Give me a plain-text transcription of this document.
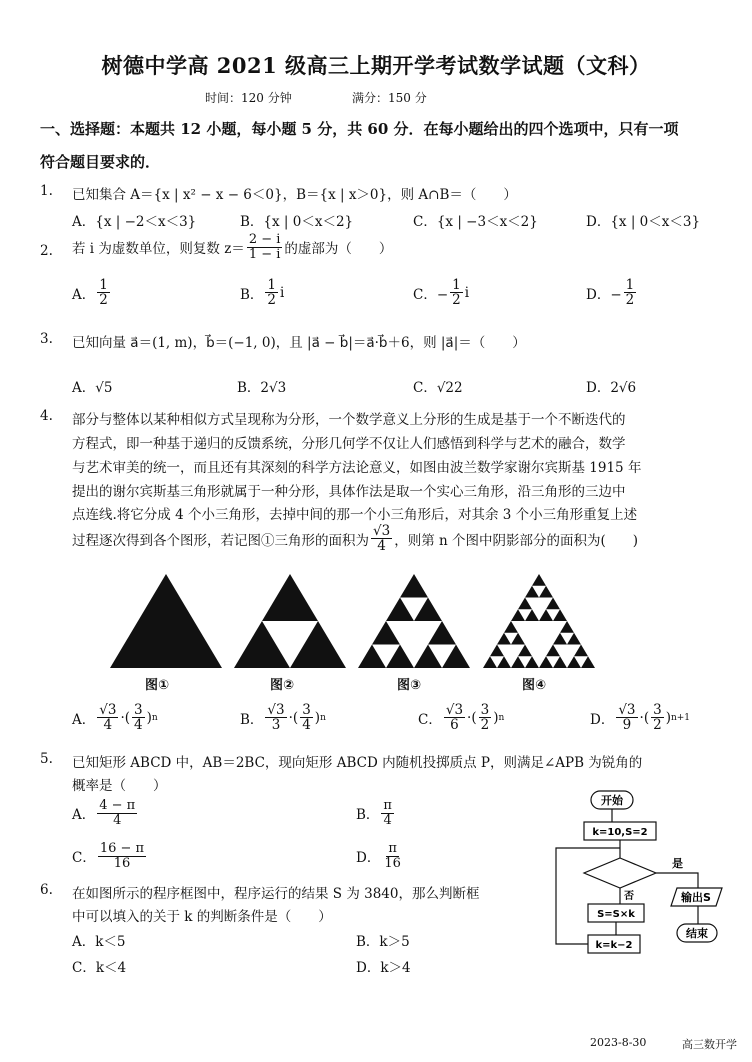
树德中学高 2021 级高三上期开学考试数学试题（文科）
时间：120 分钟	满分：150 分
一、选择题：本题共 12 小题，每小题 5 分，共 60 分．在每小题给出的四个选项中，只有一项
符合题目要求的．
1. 已知集合 A＝{x | x² − x − 6＜0}，B＝{x | x＞0}，则 A∩B＝（　　）
A．{x | −2＜x＜3}	B．{x | 0＜x＜2}	C．{x | −3＜x＜2}	D．{x | 0＜x＜3}
2. 若 i 为虚数单位，则复数 $z= \frac{2 - i}{1 - i}$ 的虚部为（　　）
A． $\frac{1}{2}$	B． $\frac{1}{2}$ i	C．− $\frac{1}{2}$ i	D．− $\frac{1}{2}$
3. 已知向量 a⃗＝(1, m)，b⃗＝(−1, 0)，且 |a⃗ − b⃗|＝a⃗·b⃗＋6，则 |a⃗|＝（　　）
A．√5	B．2√3	C．√22	D．2√6
4. 部分与整体以某种相似方式呈现称为分形，一个数学意义上分形的生成是基于一个不断迭代的
方程式，即一种基于递归的反馈系统，分形几何学不仅让人们感悟到科学与艺术的融合，数学
与艺术审美的统一，而且还有其深刻的科学方法论意义，如图由波兰数学家谢尔宾斯基 1915 年
提出的谢尔宾斯基三角形就属于一种分形，具体作法是取一个实心三角形，沿三角形的三边中
点连线.将它分成 4 个小三角形，去掉中间的那一个小三角形后，对其余 3 个小三角形重复上述
过程逐次得到各个图形，若记图①三角形的面积为 $\frac{√3}{4}$ ，则第 n 个图中阴影部分的面积为(　　)
图①	图②	图③	图④
A． $\frac{√3}{4}$ ·( $\frac{3}{4}$ ) n	B． $\frac{√3}{3}$ ·( $\frac{3}{4}$ ) n	C． $\frac{√3}{6}$ ·( $\frac{3}{2}$ ) n	D． $\frac{√3}{9}$ ·( $\frac{3}{2}$ ) n+1
5. 已知矩形 ABCD 中，AB＝2BC，现向矩形 ABCD 内随机投掷质点 P，则满足∠APB 为锐角的
概率是（　　）
A． $\frac{4 - \pi}{4}$	B． $\frac{\pi}{4}$
C． $\frac{16 - \pi}{16}$	D． $\frac{\pi}{16}$
6. 在如图所示的程序框图中，程序运行的结果 S 为 3840，那么判断框
中可以填入的关于 k 的判断条件是（　　）
A．k＜5	B．k＞5
C．k＜4	D．k＞4
开始
k=10,S=2
是
否	输出S
S=S×k
k=k−2
结束
2023-8-30	高三数开学
